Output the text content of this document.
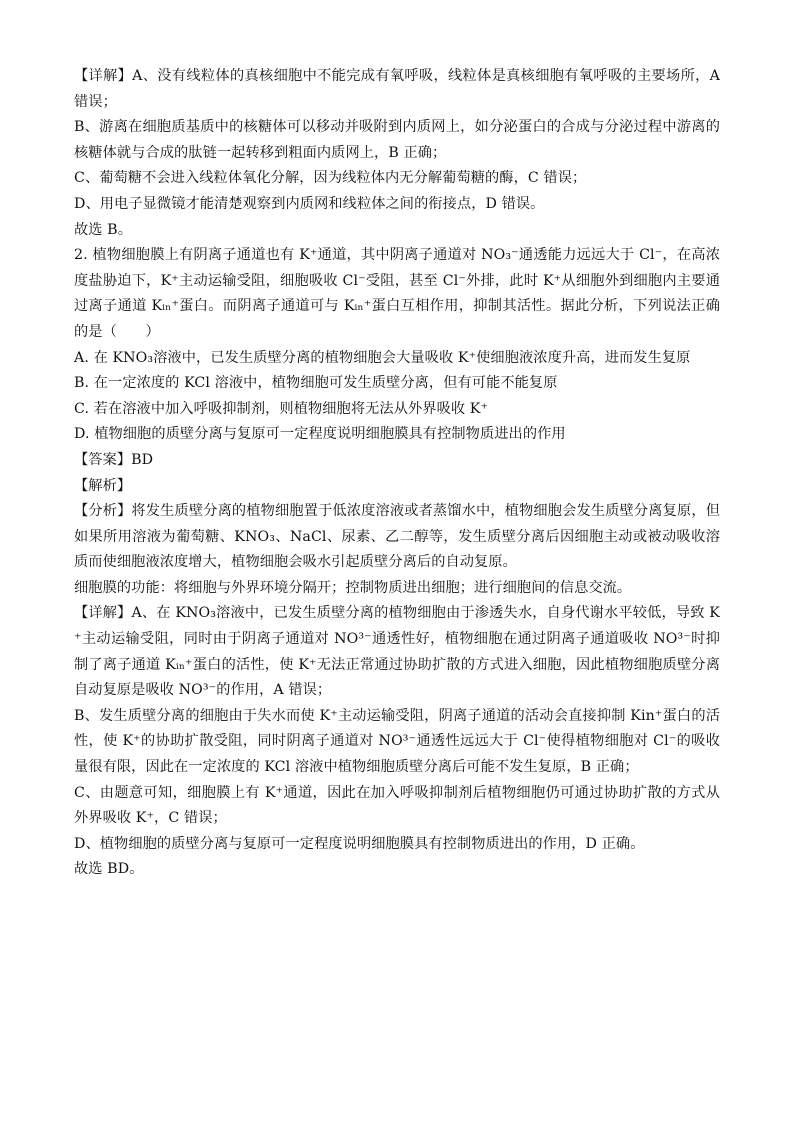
【详解】A、没有线粒体的真核细胞中不能完成有氧呼吸，线粒体是真核细胞有氧呼吸的主要场所，A 错误；

B、游离在细胞质基质中的核糖体可以移动并吸附到内质网上，如分泌蛋白的合成与分泌过程中游离的核糖体就与合成的肽链一起转移到粗面内质网上，B 正确；

C、葡萄糖不会进入线粒体氧化分解，因为线粒体内无分解葡萄糖的酶，C 错误；

D、用电子显微镜才能清楚观察到内质网和线粒体之间的衔接点，D 错误。

故选 B。

2. 植物细胞膜上有阴离子通道也有 K⁺通道，其中阴离子通道对 NO₃⁻通透能力远远大于 Cl⁻，在高浓度盐胁迫下，K⁺主动运输受阻，细胞吸收 Cl⁻受阻，甚至 Cl⁻外排，此时 K⁺从细胞外到细胞内主要通过离子通道 Kᵢₙ⁺蛋白。而阴离子通道可与 Kᵢₙ⁺蛋白互相作用，抑制其活性。据此分析，下列说法正确的是（　　）

A. 在 KNO₃溶液中，已发生质壁分离的植物细胞会大量吸收 K⁺使细胞液浓度升高，进而发生复原

B. 在一定浓度的 KCl 溶液中，植物细胞可发生质壁分离，但有可能不能复原

C. 若在溶液中加入呼吸抑制剂，则植物细胞将无法从外界吸收 K⁺

D. 植物细胞的质壁分离与复原可一定程度说明细胞膜具有控制物质进出的作用

【答案】BD

【解析】

【分析】将发生质壁分离的植物细胞置于低浓度溶液或者蒸馏水中，植物细胞会发生质壁分离复原，但如果所用溶液为葡萄糖、KNO₃、NaCl、尿素、乙二醇等，发生质壁分离后因细胞主动或被动吸收溶质而使细胞液浓度增大，植物细胞会吸水引起质壁分离后的自动复原。

细胞膜的功能：将细胞与外界环境分隔开；控制物质进出细胞；进行细胞间的信息交流。

【详解】A、在 KNO₃溶液中，已发生质壁分离的植物细胞由于渗透失水，自身代谢水平较低，导致 K⁺主动运输受阻，同时由于阴离子通道对 NO³⁻通透性好，植物细胞在通过阴离子通道吸收 NO³⁻时抑制了离子通道 Kᵢₙ⁺蛋白的活性，使 K⁺无法正常通过协助扩散的方式进入细胞，因此植物细胞质壁分离自动复原是吸收 NO³⁻的作用，A 错误；

B、发生质壁分离的细胞由于失水而使 K⁺主动运输受阻，阴离子通道的活动会直接抑制 Kin⁺蛋白的活性，使 K⁺的协助扩散受阻，同时阴离子通道对 NO³⁻通透性远远大于 Cl⁻使得植物细胞对 Cl⁻的吸收量很有限，因此在一定浓度的 KCl 溶液中植物细胞质壁分离后可能不发生复原，B 正确；

C、由题意可知，细胞膜上有 K⁺通道，因此在加入呼吸抑制剂后植物细胞仍可通过协助扩散的方式从外界吸收 K⁺，C 错误；

D、植物细胞的质壁分离与复原可一定程度说明细胞膜具有控制物质进出的作用，D 正确。

故选 BD。
